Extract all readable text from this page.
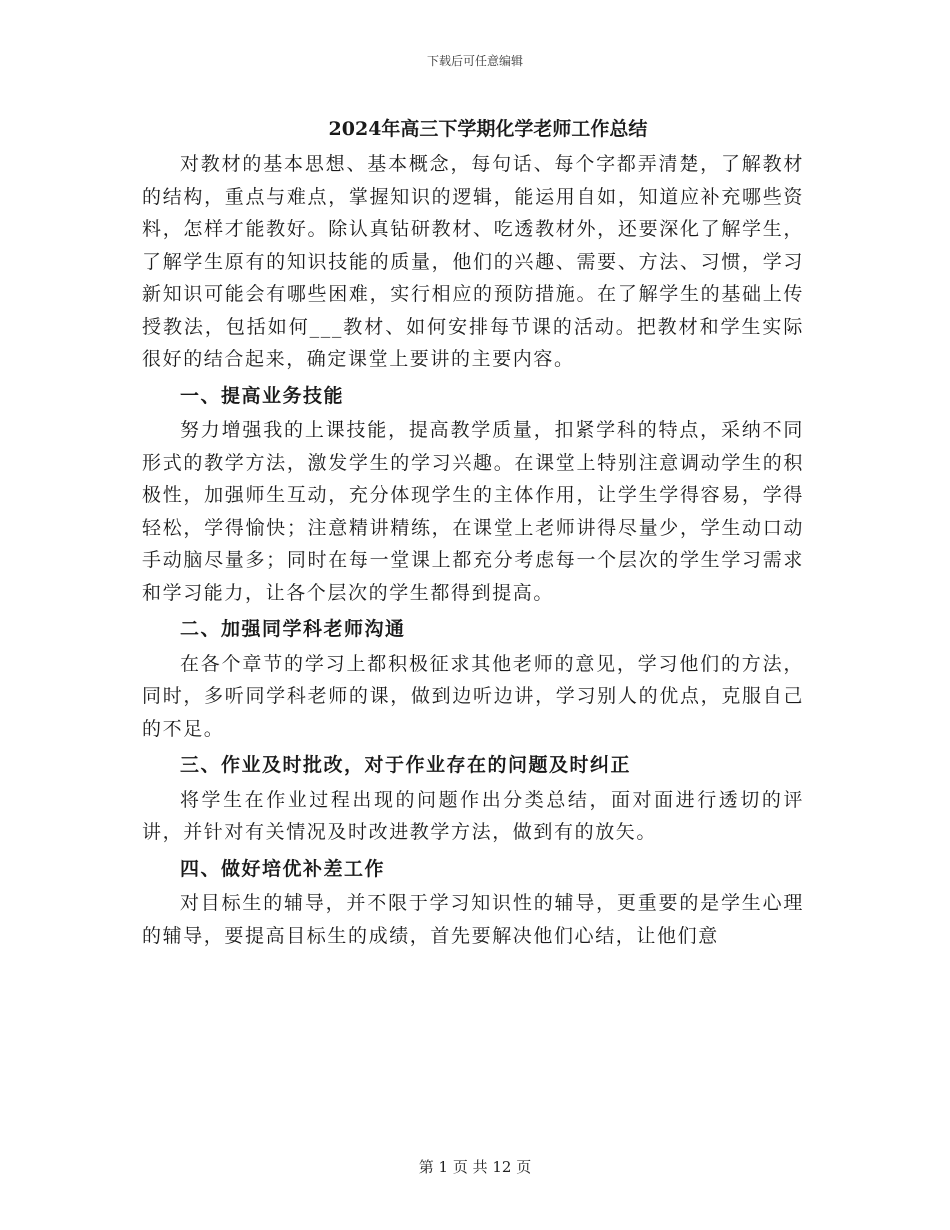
下载后可任意编辑
2024年高三下学期化学老师工作总结

对教材的基本思想、基本概念，每句话、每个字都弄清楚，了解教材的结构，重点与难点，掌握知识的逻辑，能运用自如，知道应补充哪些资料，怎样才能教好。除认真钻研教材、吃透教材外，还要深化了解学生，了解学生原有的知识技能的质量，他们的兴趣、需要、方法、习惯，学习新知识可能会有哪些困难，实行相应的预防措施。在了解学生的基础上传授教法，包括如何___教材、如何安排每节课的活动。把教材和学生实际很好的结合起来，确定课堂上要讲的主要内容。

一、提高业务技能

努力增强我的上课技能，提高教学质量，扣紧学科的特点，采纳不同形式的教学方法，激发学生的学习兴趣。在课堂上特别注意调动学生的积极性，加强师生互动，充分体现学生的主体作用，让学生学得容易，学得轻松，学得愉快；注意精讲精练，在课堂上老师讲得尽量少，学生动口动手动脑尽量多；同时在每一堂课上都充分考虑每一个层次的学生学习需求和学习能力，让各个层次的学生都得到提高。

二、加强同学科老师沟通

在各个章节的学习上都积极征求其他老师的意见，学习他们的方法，同时，多听同学科老师的课，做到边听边讲，学习别人的优点，克服自己的不足。

三、作业及时批改，对于作业存在的问题及时纠正

将学生在作业过程出现的问题作出分类总结，面对面进行透切的评讲，并针对有关情况及时改进教学方法，做到有的放矢。

四、做好培优补差工作

对目标生的辅导，并不限于学习知识性的辅导，更重要的是学生心理的辅导，要提高目标生的成绩，首先要解决他们心结，让他们意

第 1 页 共 12 页
